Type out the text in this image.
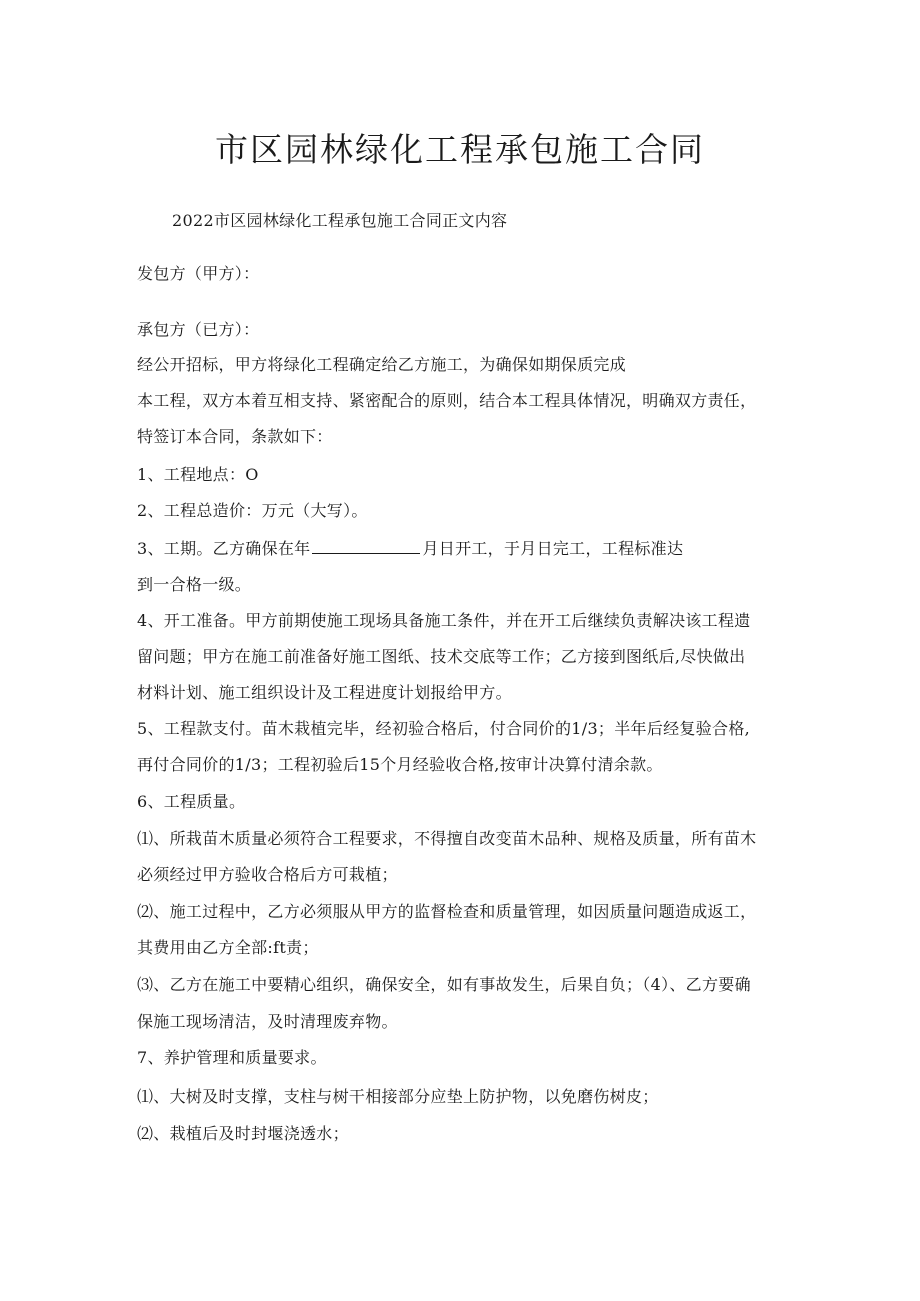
市区园林绿化工程承包施工合同
2022市区园林绿化工程承包施工合同正文内容
发包方（甲方）：
承包方（已方）：
经公开招标，甲方将绿化工程确定给乙方施工，为确保如期保质完成
本工程，双方本着互相支持、紧密配合的原则，结合本工程具体情况，明确双方责任，
特签订本合同，条款如下：
1、工程地点：O
2、工程总造价：万元（大写）。
3、工期。乙方确保在年	月日开工，于月日完工，工程标准达
到一合格一级。
4、开工准备。甲方前期使施工现场具备施工条件，并在开工后继续负责解决该工程遗
留问题；甲方在施工前准备好施工图纸、技术交底等工作；乙方接到图纸后,尽快做出
材料计划、施工组织设计及工程进度计划报给甲方。
5、工程款支付。苗木栽植完毕，经初验合格后，付合同价的1/3；半年后经复验合格,
再付合同价的1/3；工程初验后15个月经验收合格,按审计决算付清余款。
6、工程质量。
⑴、所栽苗木质量必须符合工程要求，不得擅自改变苗木品种、规格及质量，所有苗木
必须经过甲方验收合格后方可栽植；
⑵、施工过程中，乙方必须服从甲方的监督检查和质量管理，如因质量问题造成返工，
其费用由乙方全部:ft责；
⑶、乙方在施工中要精心组织，确保安全，如有事故发生，后果自负；（4）、乙方要确
保施工现场清洁，及时清理废弃物。
7、养护管理和质量要求。
⑴、大树及时支撑，支柱与树干相接部分应垫上防护物，以免磨伤树皮；
⑵、栽植后及时封堰浇透水；
